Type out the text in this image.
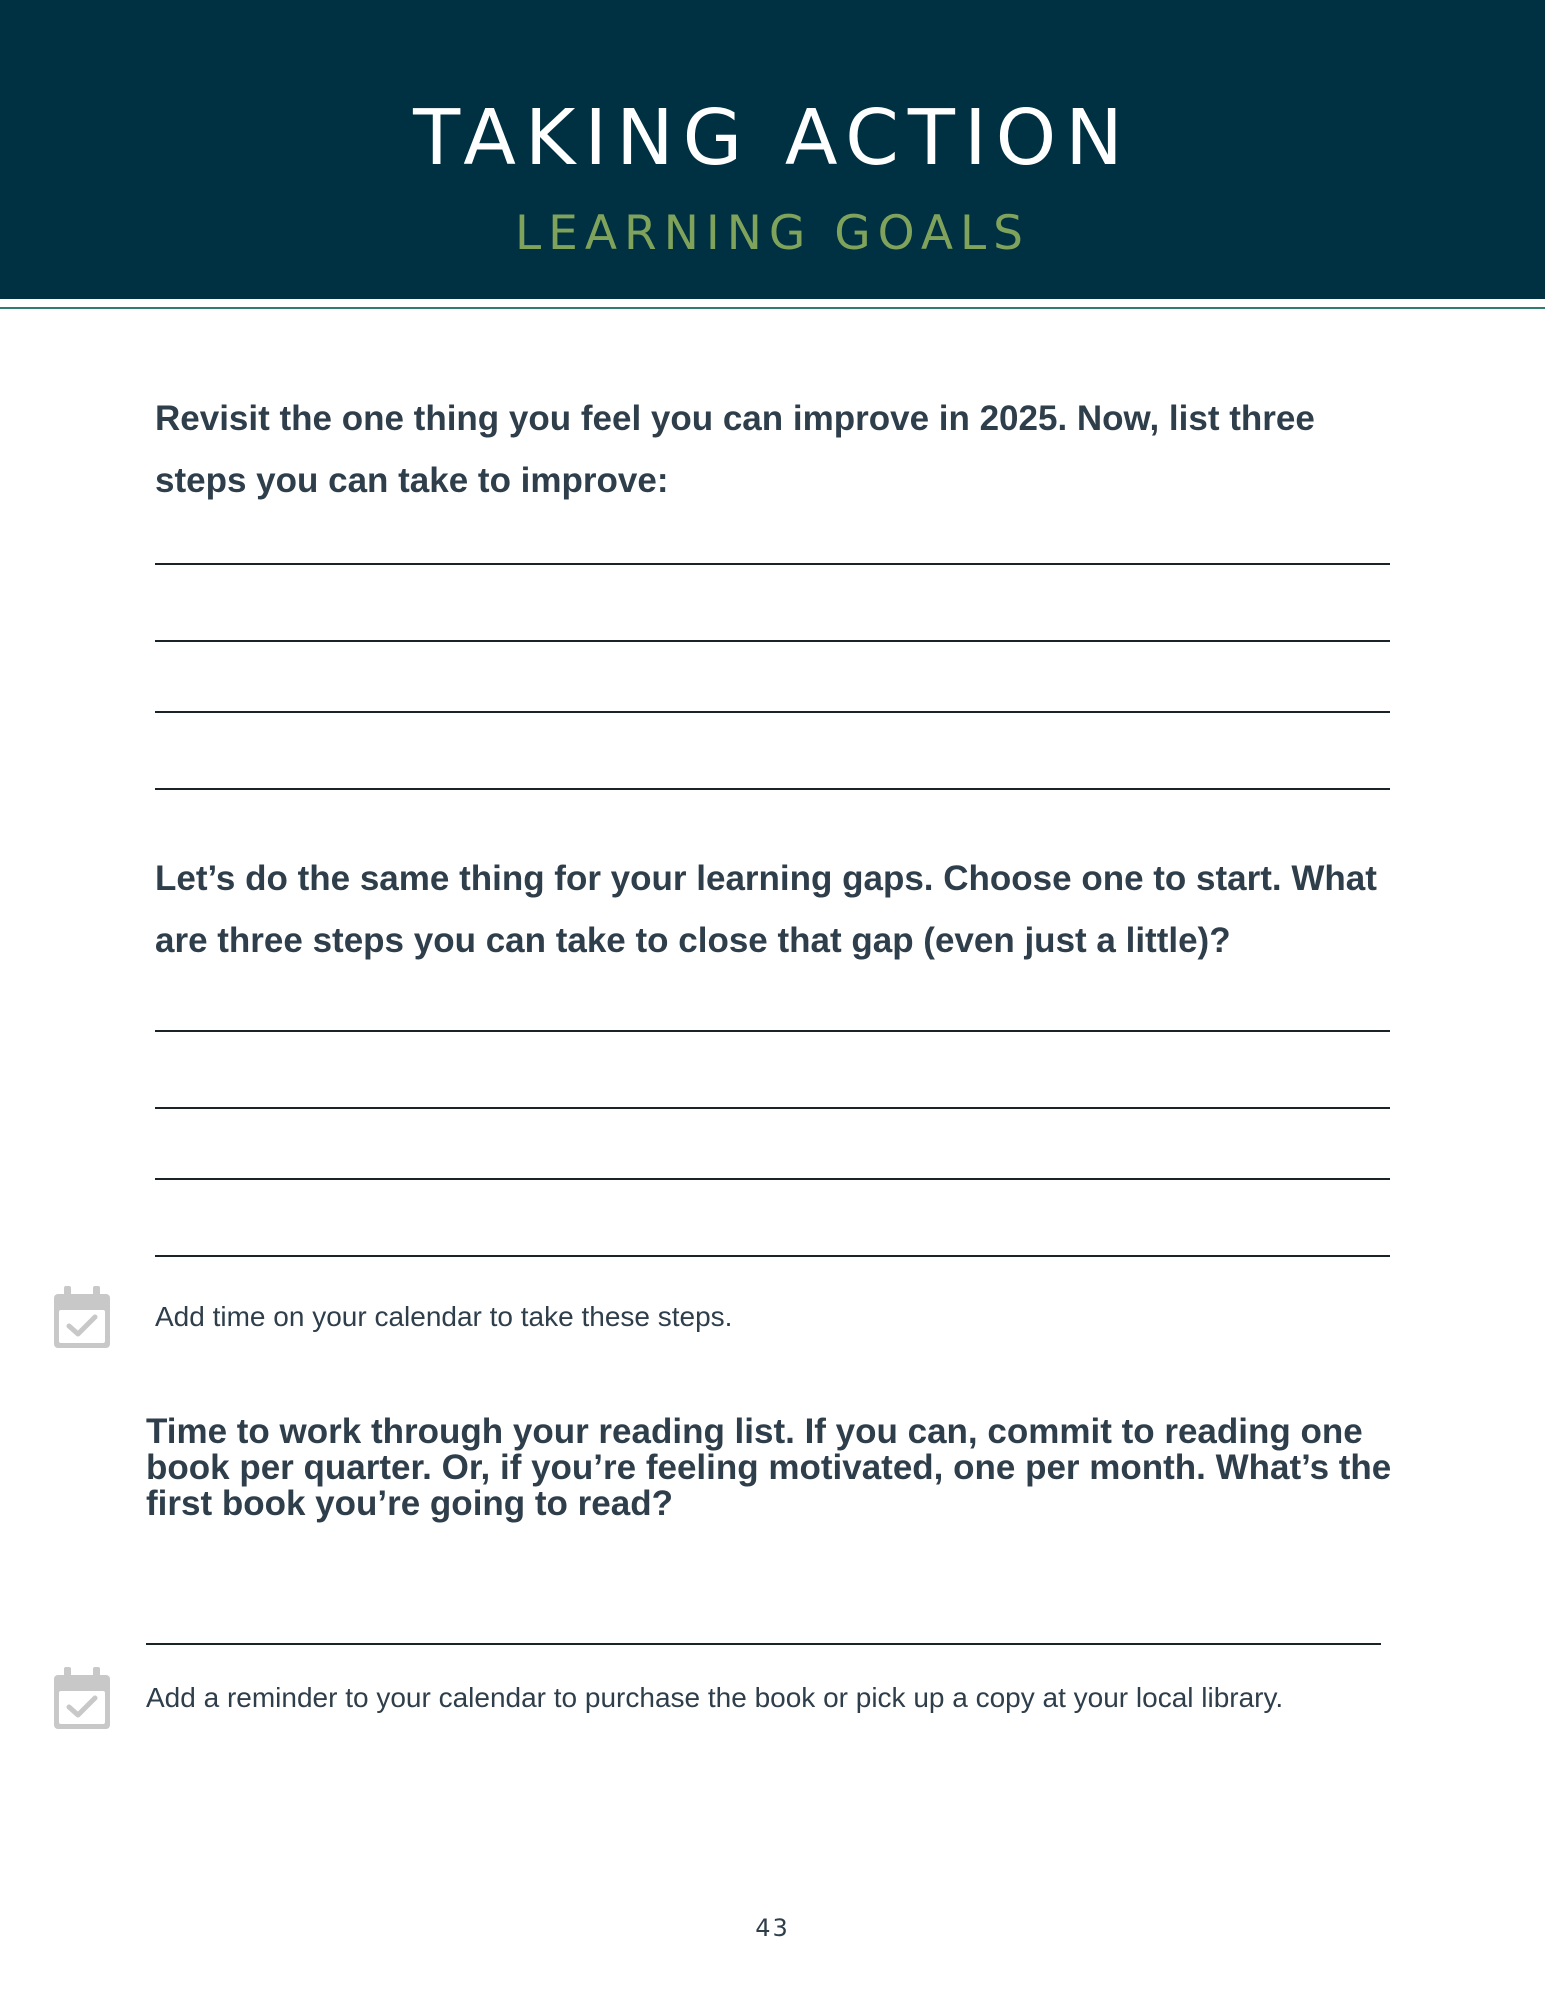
TAKING ACTION
LEARNING GOALS

Revisit the one thing you feel you can improve in 2025. Now, list three steps you can take to improve:

Let’s do the same thing for your learning gaps. Choose one to start. What are three steps you can take to close that gap (even just a little)?

Add time on your calendar to take these steps.

Time to work through your reading list. If you can, commit to reading one book per quarter. Or, if you’re feeling motivated, one per month. What’s the first book you’re going to read?

Add a reminder to your calendar to purchase the book or pick up a copy at your local library.
43
